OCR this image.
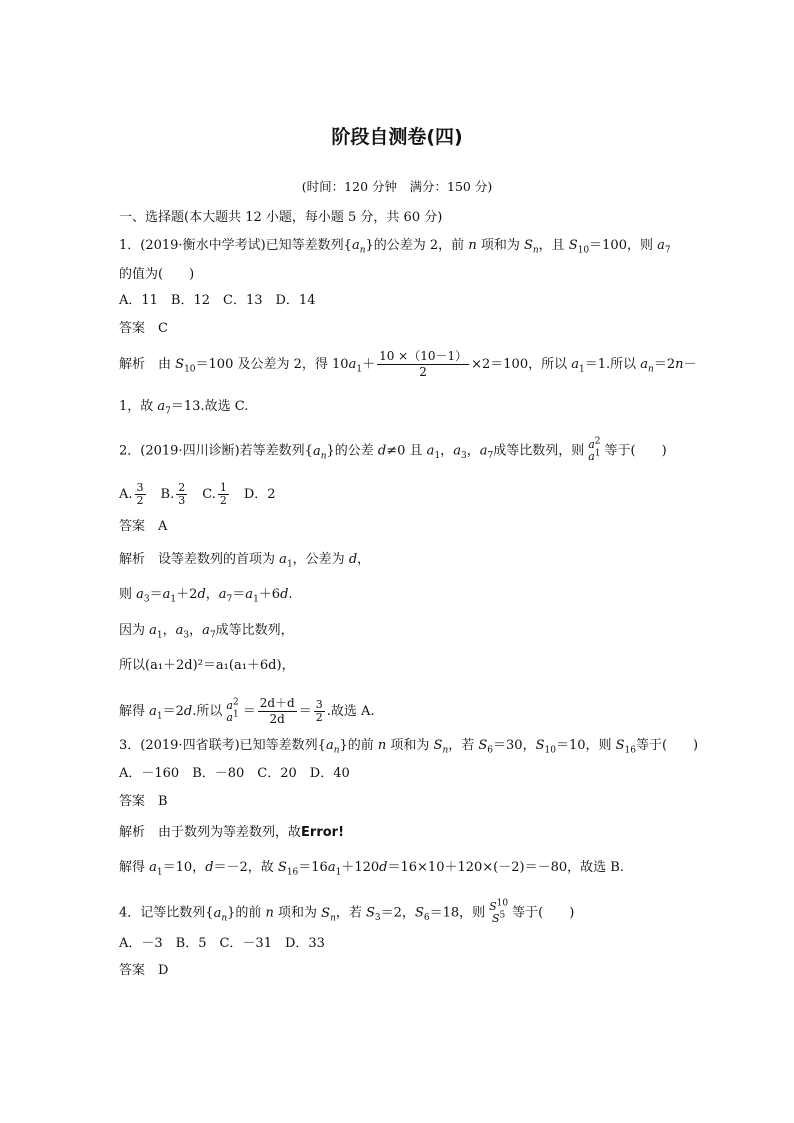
阶段自测卷(四)
(时间：120 分钟　满分：150 分)
一、选择题(本大题共 12 小题，每小题 5 分，共 60 分)
1．(2019·衡水中学考试)已知等差数列$\{a_n\}$的公差为 2，前 n 项和为 $S_n$，且 $S_{10}=100$，则 $a_7$
的值为(　　)
A．11　B．12　C．13　D．14
答案　 C
解析　 由 $S_{10}=100$ 及公差为 2，得 $10a_1+ \frac{10 \times(10-1)}{2} \times 2=100$，所以 $a_1=1$.所以 $a_n=2n-$
1，故 $a_7=13$.故选 C.
2．(2019·四川诊断)若等差数列$\{a_n\}$的公差 d≠0 且 $a_1$，$a_3$，$a_7$成等比数列，则 $a^2$
$a^1$ 等于(　　)
A. $\frac{3}{2}$ 　B. $\frac{2}{3}$ 　C. $\frac{1}{2}$ 　D．2
答案　 A
解析　 设等差数列的首项为 $a_1$，公差为 d，
则 $a_3=a_1+2d$，$a_7=a_1+6d$.
因为 $a_1$，$a_3$，$a_7$成等比数列，
所以(a₁＋2d)²＝a₁(a₁＋6d)，
解得 $a_1=2d$.所以 $a^2$
$a^1 = \frac{2d+d}{2d} = \frac{3}{2}$ .故选 A.
3．(2019·四省联考)已知等差数列$\{a_n\}$的前 n 项和为 $S_n$，若 $S_6=30$，$S_{10}=10$，则 $S_{16}$等于(　　)
A．－160　B．－80　C．20　D．40
答案　 B
解析　 由于数列为等差数列，故Error!
解得 $a_1=10$，d＝－2，故 $S_{16}=16a_1+120d=16\times 10+120\times(-2)=-80$，故选 B.
4．记等比数列$\{a_n\}$的前 n 项和为 $S_n$，若 $S_3=2$，$S_6=18$，则 $S^{10}$
$S^5$ 等于(　　)
A．－3　B．5　C．－31　D．33
答案　 D
